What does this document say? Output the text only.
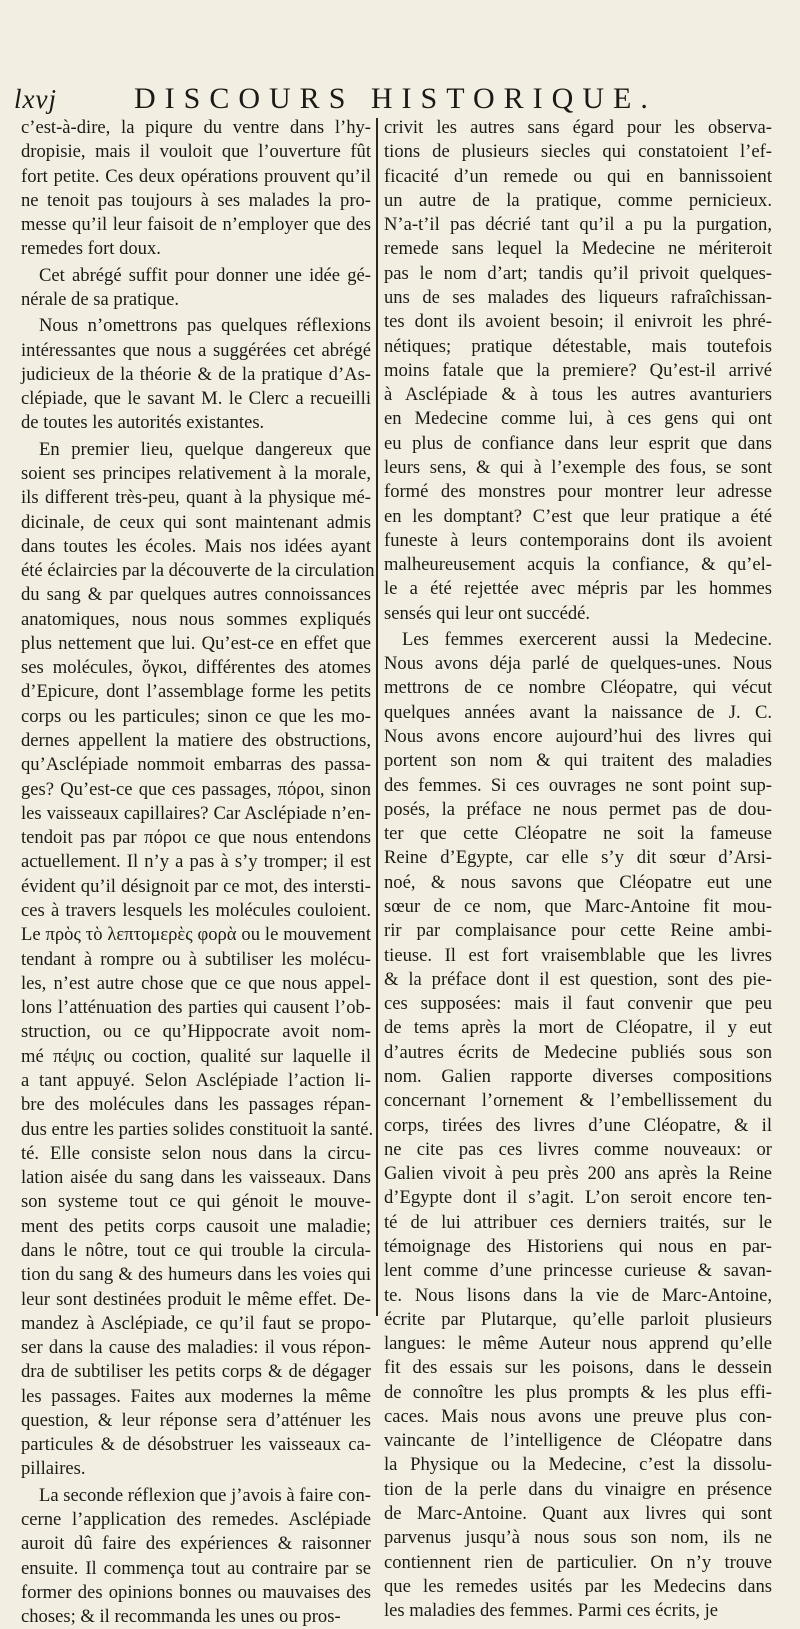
lxvj	DISCOURS HISTORIQUE.
c’est-à-dire, la piqure du ventre dans l’hy-
dropisie, mais il vouloit que l’ouverture fût
fort petite. Ces deux opérations prouvent qu’il
ne tenoit pas toujours à ses malades la pro-
messe qu’il leur faisoit de n’employer que des
remedes fort doux.
Cet abrégé suffit pour donner une idée gé-
nérale de sa pratique.
Nous n’omettrons pas quelques réflexions
intéressantes que nous a suggérées cet abrégé
judicieux de la théorie & de la pratique d’As-
clépiade, que le savant M. le Clerc a recueilli
de toutes les autorités existantes.
En premier lieu, quelque dangereux que
soient ses principes relativement à la morale,
ils different très-peu, quant à la physique mé-
dicinale, de ceux qui sont maintenant admis
dans toutes les écoles. Mais nos idées ayant
été éclaircies par la découverte de la circulation
du sang & par quelques autres connoissances
anatomiques, nous nous sommes expliqués
plus nettement que lui. Qu’est-ce en effet que
ses molécules, ὄγκοι, différentes des atomes
d’Epicure, dont l’assemblage forme les petits
corps ou les particules; sinon ce que les mo-
dernes appellent la matiere des obstructions,
qu’Asclépiade nommoit embarras des passa-
ges? Qu’est-ce que ces passages, πόροι, sinon
les vaisseaux capillaires? Car Asclépiade n’en-
tendoit pas par πόροι ce que nous entendons
actuellement. Il n’y a pas à s’y tromper; il est
évident qu’il désignoit par ce mot, des intersti-
ces à travers lesquels les molécules couloient.
Le πρὸς τὸ λεπτομερὲς φορὰ ou le mouvement
tendant à rompre ou à subtiliser les molécu-
les, n’est autre chose que ce que nous appel-
lons l’atténuation des parties qui causent l’ob-
struction, ou ce qu’Hippocrate avoit nom-
mé πέψις ou coction, qualité sur laquelle il
a tant appuyé. Selon Asclépiade l’action li-
bre des molécules dans les passages répan-
dus entre les parties solides constituoit la santé.
té. Elle consiste selon nous dans la circu-
lation aisée du sang dans les vaisseaux. Dans
son systeme tout ce qui génoit le mouve-
ment des petits corps causoit une maladie;
dans le nôtre, tout ce qui trouble la circula-
tion du sang & des humeurs dans les voies qui
leur sont destinées produit le même effet. De-
mandez à Asclépiade, ce qu’il faut se propo-
ser dans la cause des maladies: il vous répon-
dra de subtiliser les petits corps & de dégager
les passages. Faites aux modernes la même
question, & leur réponse sera d’atténuer les
particules & de désobstruer les vaisseaux ca-
pillaires.
La seconde réflexion que j’avois à faire con-
cerne l’application des remedes. Asclépiade
auroit dû faire des expériences & raisonner
ensuite. Il commença tout au contraire par se
former des opinions bonnes ou mauvaises des
choses; & il recommanda les unes ou pros-
crivit les autres sans égard pour les observa-
tions de plusieurs siecles qui constatoient l’ef-
ficacité d’un remede ou qui en bannissoient
un autre de la pratique, comme pernicieux.
N’a-t’il pas décrié tant qu’il a pu la purgation,
remede sans lequel la Medecine ne mériteroit
pas le nom d’art; tandis qu’il privoit quelques-
uns de ses malades des liqueurs rafraîchissan-
tes dont ils avoient besoin; il enivroit les phré-
nétiques; pratique détestable, mais toutefois
moins fatale que la premiere? Qu’est-il arrivé
à Asclépiade & à tous les autres avanturiers
en Medecine comme lui, à ces gens qui ont
eu plus de confiance dans leur esprit que dans
leurs sens, & qui à l’exemple des fous, se sont
formé des monstres pour montrer leur adresse
en les domptant? C’est que leur pratique a été
funeste à leurs contemporains dont ils avoient
malheureusement acquis la confiance, & qu’el-
le a été rejettée avec mépris par les hommes
sensés qui leur ont succédé.
Les femmes exercerent aussi la Medecine.
Nous avons déja parlé de quelques-unes. Nous
mettrons de ce nombre Cléopatre, qui vécut
quelques années avant la naissance de J. C.
Nous avons encore aujourd’hui des livres qui
portent son nom & qui traitent des maladies
des femmes. Si ces ouvrages ne sont point sup-
posés, la préface ne nous permet pas de dou-
ter que cette Cléopatre ne soit la fameuse
Reine d’Egypte, car elle s’y dit sœur d’Arsi-
noé, & nous savons que Cléopatre eut une
sœur de ce nom, que Marc-Antoine fit mou-
rir par complaisance pour cette Reine ambi-
tieuse. Il est fort vraisemblable que les livres
& la préface dont il est question, sont des pie-
ces supposées: mais il faut convenir que peu
de tems après la mort de Cléopatre, il y eut
d’autres écrits de Medecine publiés sous son
nom. Galien rapporte diverses compositions
concernant l’ornement & l’embellissement du
corps, tirées des livres d’une Cléopatre, & il
ne cite pas ces livres comme nouveaux: or
Galien vivoit à peu près 200 ans après la Reine
d’Egypte dont il s’agit. L’on seroit encore ten-
té de lui attribuer ces derniers traités, sur le
témoignage des Historiens qui nous en par-
lent comme d’une princesse curieuse & savan-
te. Nous lisons dans la vie de Marc-Antoine,
écrite par Plutarque, qu’elle parloit plusieurs
langues: le même Auteur nous apprend qu’elle
fit des essais sur les poisons, dans le dessein
de connoître les plus prompts & les plus effi-
caces. Mais nous avons une preuve plus con-
vaincante de l’intelligence de Cléopatre dans
la Physique ou la Medecine, c’est la dissolu-
tion de la perle dans du vinaigre en présence
de Marc-Antoine. Quant aux livres qui sont
parvenus jusqu’à nous sous son nom, ils ne
contiennent rien de particulier. On n’y trouve
que les remedes usités par les Medecins dans
les maladies des femmes. Parmi ces écrits, je
